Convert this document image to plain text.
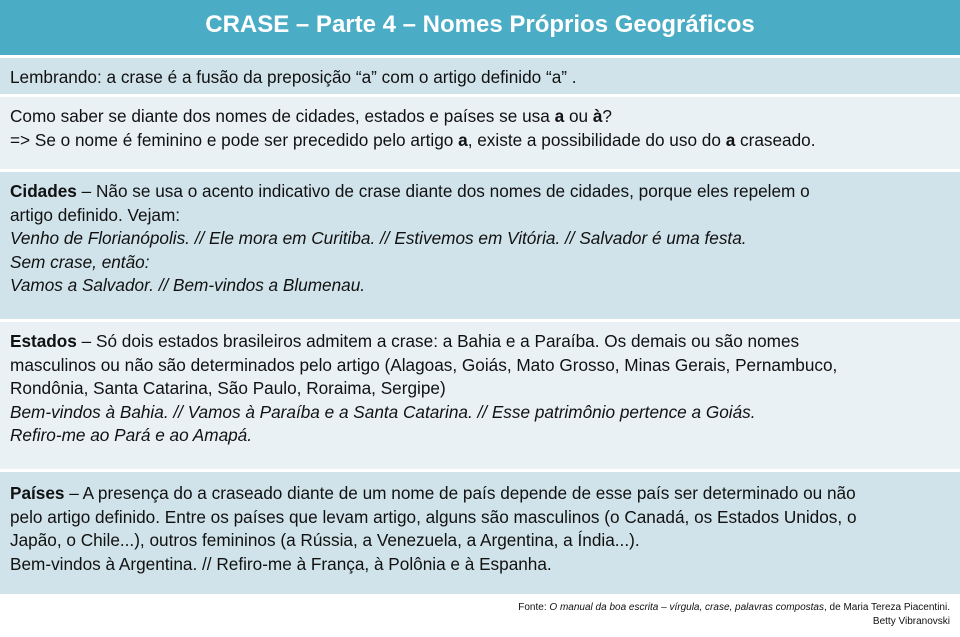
CRASE – Parte 4 – Nomes Próprios Geográficos
Lembrando: a crase é a fusão da preposição “a” com o artigo definido “a” .
Como saber se diante dos nomes de cidades, estados e países se usa a ou à?
=> Se o nome é feminino e pode ser precedido pelo artigo a, existe a possibilidade do uso do a craseado.
Cidades – Não se usa o acento indicativo de crase diante dos nomes de cidades, porque eles repelem o
artigo definido. Vejam:
Venho de Florianópolis. // Ele mora em Curitiba. // Estivemos em Vitória. // Salvador é uma festa.
Sem crase, então:
Vamos a Salvador. // Bem-vindos a Blumenau.
Estados – Só dois estados brasileiros admitem a crase: a Bahia e a Paraíba. Os demais ou são nomes
masculinos ou não são determinados pelo artigo (Alagoas, Goiás, Mato Grosso, Minas Gerais, Pernambuco,
Rondônia, Santa Catarina, São Paulo, Roraima, Sergipe)
Bem-vindos à Bahia. // Vamos à Paraíba e a Santa Catarina. // Esse patrimônio pertence a Goiás.
Refiro-me ao Pará e ao Amapá.
Países – A presença do a craseado diante de um nome de país depende de esse país ser determinado ou não
pelo artigo definido. Entre os países que levam artigo, alguns são masculinos (o Canadá, os Estados Unidos, o
Japão, o Chile...), outros femininos (a Rússia, a Venezuela, a Argentina, a Índia...).
Bem-vindos à Argentina. // Refiro-me à França, à Polônia e à Espanha.
Fonte: O manual da boa escrita – vírgula, crase, palavras compostas, de Maria Tereza Piacentini.
Betty Vibranovski
